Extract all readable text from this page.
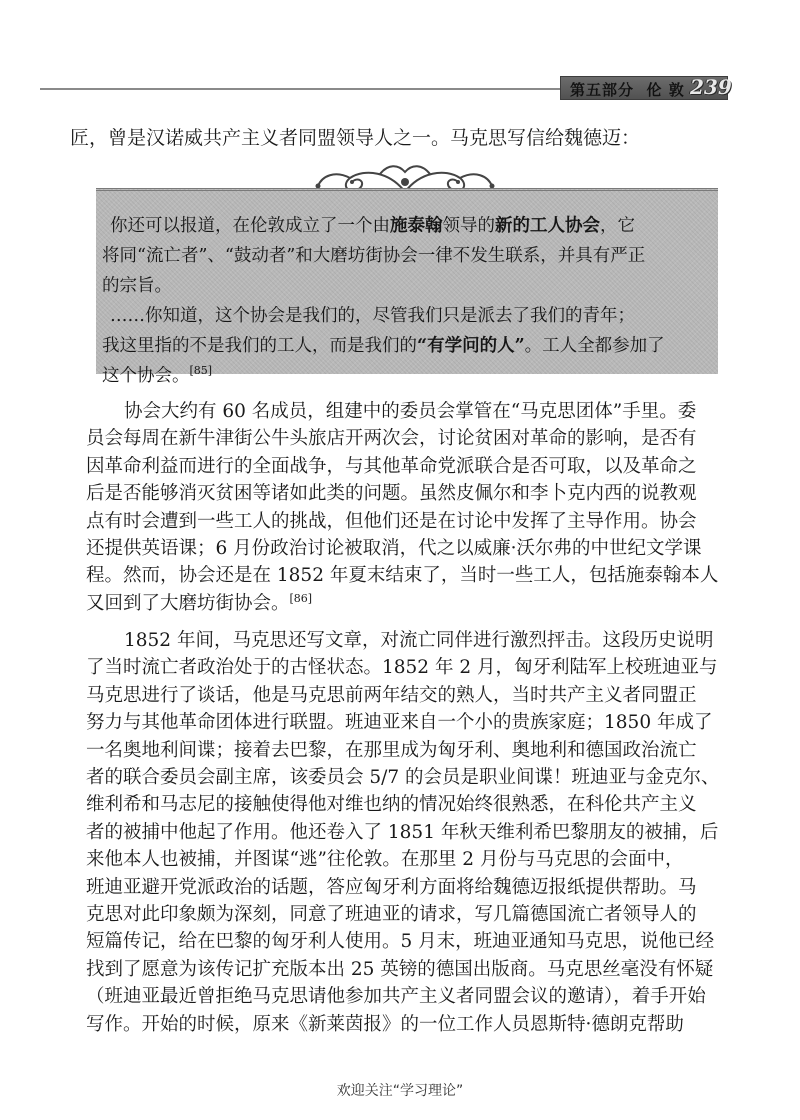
第五部分 伦 敦 239
匠，曾是汉诺威共产主义者同盟领导人之一。马克思写信给魏德迈：
你还可以报道，在伦敦成立了一个由施泰翰领导的新的工人协会，它
将同“流亡者”、“鼓动者”和大磨坊街协会一律不发生联系，并具有严正
的宗旨。
……你知道，这个协会是我们的，尽管我们只是派去了我们的青年；
我这里指的不是我们的工人，而是我们的“有学问的人”。工人全都参加了
这个协会。[85]
协会大约有 60 名成员，组建中的委员会掌管在“马克思团体”手里。委
员会每周在新牛津街公牛头旅店开两次会，讨论贫困对革命的影响，是否有
因革命利益而进行的全面战争，与其他革命党派联合是否可取，以及革命之
后是否能够消灭贫困等诸如此类的问题。虽然皮佩尔和李卜克内西的说教观
点有时会遭到一些工人的挑战，但他们还是在讨论中发挥了主导作用。协会
还提供英语课；6 月份政治讨论被取消，代之以威廉·沃尔弗的中世纪文学课
程。然而，协会还是在 1852 年夏末结束了，当时一些工人，包括施泰翰本人
又回到了大磨坊街协会。[86]
1852 年间，马克思还写文章，对流亡同伴进行激烈抨击。这段历史说明
了当时流亡者政治处于的古怪状态。1852 年 2 月，匈牙利陆军上校班迪亚与
马克思进行了谈话，他是马克思前两年结交的熟人，当时共产主义者同盟正
努力与其他革命团体进行联盟。班迪亚来自一个小的贵族家庭；1850 年成了
一名奥地利间谍；接着去巴黎，在那里成为匈牙利、奥地利和德国政治流亡
者的联合委员会副主席，该委员会 5/7 的会员是职业间谍！班迪亚与金克尔、
维利希和马志尼的接触使得他对维也纳的情况始终很熟悉，在科伦共产主义
者的被捕中他起了作用。他还卷入了 1851 年秋天维利希巴黎朋友的被捕，后
来他本人也被捕，并图谋“逃”往伦敦。在那里 2 月份与马克思的会面中，
班迪亚避开党派政治的话题，答应匈牙利方面将给魏德迈报纸提供帮助。马
克思对此印象颇为深刻，同意了班迪亚的请求，写几篇德国流亡者领导人的
短篇传记，给在巴黎的匈牙利人使用。5 月末，班迪亚通知马克思，说他已经
找到了愿意为该传记扩充版本出 25 英镑的德国出版商。马克思丝毫没有怀疑
（班迪亚最近曾拒绝马克思请他参加共产主义者同盟会议的邀请），着手开始
写作。开始的时候，原来《新莱茵报》的一位工作人员恩斯特·德朗克帮助
欢迎关注“学习理论”
